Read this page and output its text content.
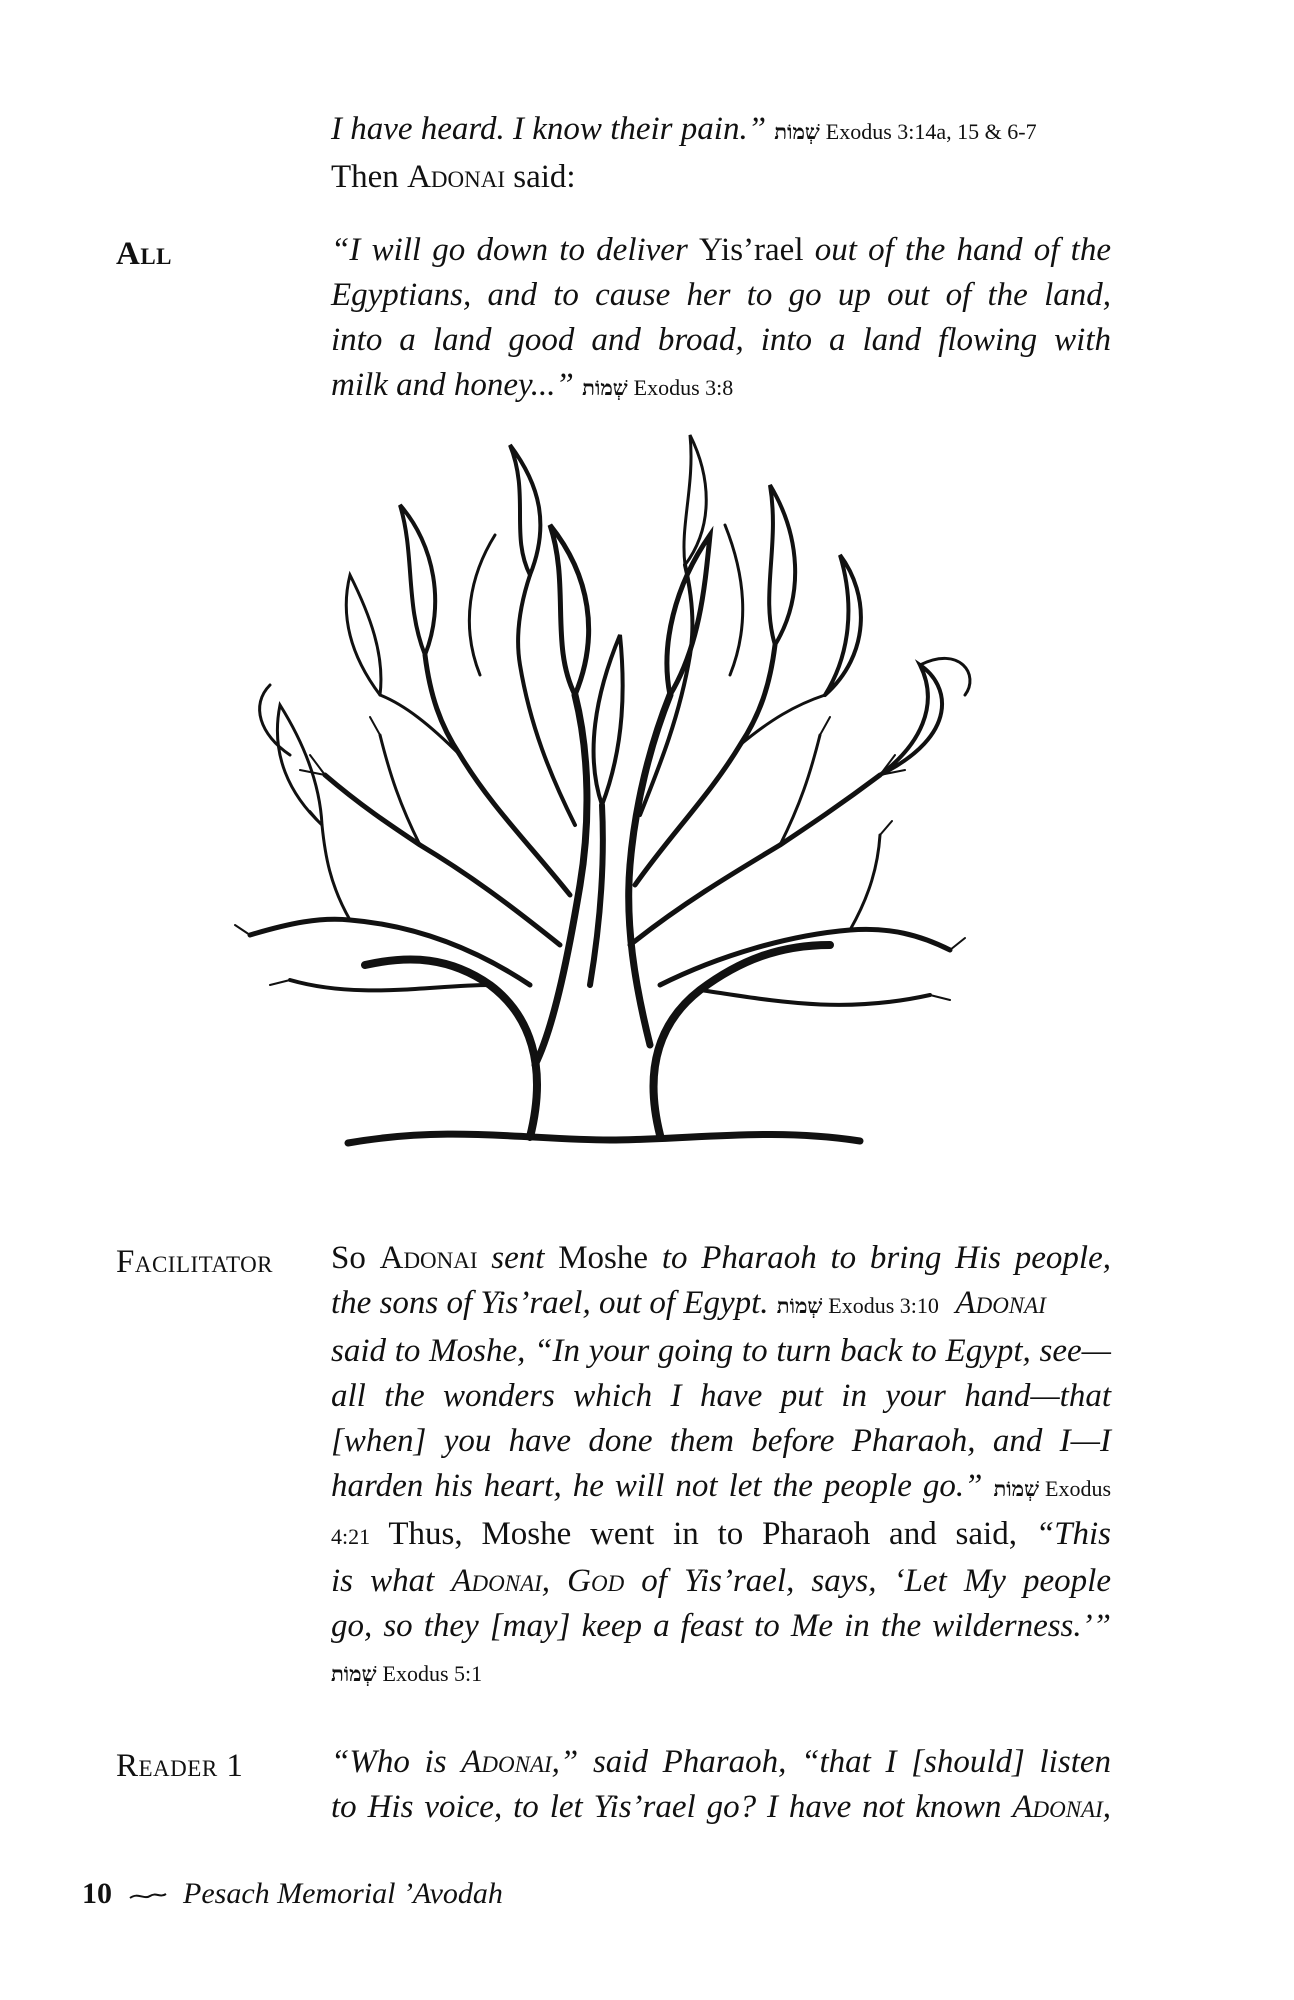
I have heard. I know their pain.” שְׁמוֹת Exodus 3:14a, 15 & 6-7
Then Adonai said:
All	“I will go down to deliver Yis’rael out of the hand of the
Egyptians, and to cause her to go up out of the land,
into a land good and broad, into a land flowing with
milk and honey...” שְׁמוֹת Exodus 3:8
Facilitator So Adonai sent Moshe to Pharaoh to bring His people,
the sons of Yis’rael, out of Egypt. שְׁמוֹת Exodus 3:10 Adonai
said to Moshe, “In your going to turn back to Egypt, see—
all the wonders which I have put in your hand—that
[when] you have done them before Pharaoh, and I—I
harden his heart, he will not let the people go.” שְׁמוֹת Exodus
4:21 Thus, Moshe went in to Pharaoh and said, “This
is what Adonai, God of Yis’rael, says, ‘Let My people
go, so they [may] keep a feast to Me in the wilderness.’”
שְׁמוֹת Exodus 5:1
Reader 1	“Who is Adonai,” said Pharaoh, “that I [should] listen
to His voice, to let Yis’rael go? I have not known Adonai,
10 Pesach Memorial ’Avodah
